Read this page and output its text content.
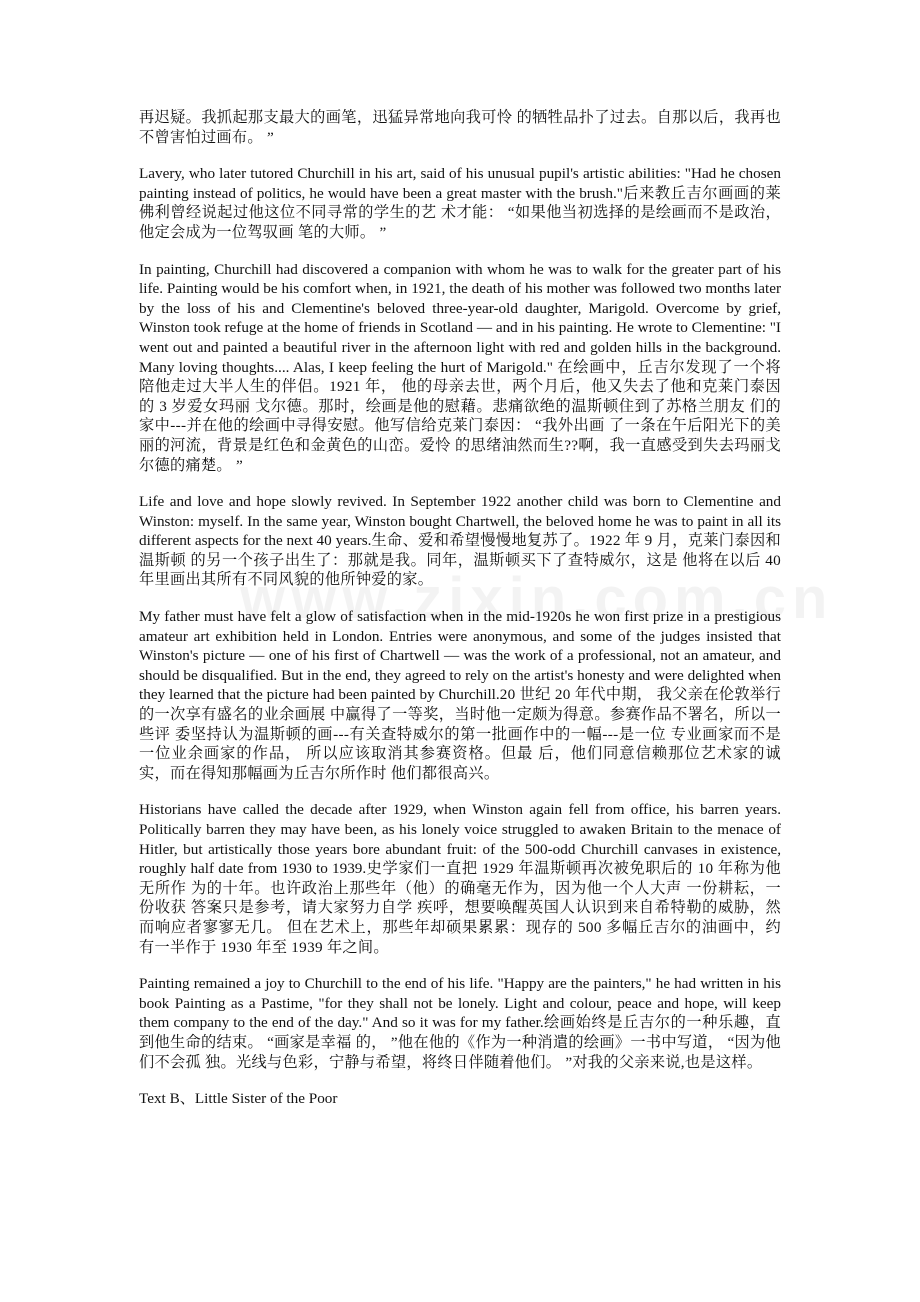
再迟疑。我抓起那支最大的画笔，迅猛异常地向我可怜 的牺牲品扑了过去。自那以后，我再也不曾害怕过画布。 ”

Lavery, who later tutored Churchill in his art, said of his unusual pupil's artistic abilities: "Had he chosen painting instead of politics, he would have been a great master with the brush."后来教丘吉尔画画的莱佛利曾经说起过他这位不同寻常的学生的艺 术才能： “如果他当初选择的是绘画而不是政治，他定会成为一位驾驭画 笔的大师。 ”

In painting, Churchill had discovered a companion with whom he was to walk for the greater part of his life. Painting would be his comfort when, in 1921, the death of his mother was followed two months later by the loss of his and Clementine's beloved three-year-old daughter, Marigold. Overcome by grief, Winston took refuge at the home of friends in Scotland — and in his painting. He wrote to Clementine: "I went out and painted a beautiful river in the afternoon light with red and golden hills in the background. Many loving thoughts.... Alas, I keep feeling the hurt of Marigold." 在绘画中，丘吉尔发现了一个将陪他走过大半人生的伴侣。1921 年， 他的母亲去世，两个月后，他又失去了他和克莱门泰因的 3 岁爱女玛丽 戈尔德。那时，绘画是他的慰藉。悲痛欲绝的温斯顿住到了苏格兰朋友 们的家中---并在他的绘画中寻得安慰。他写信给克莱门泰因： “我外出画 了一条在午后阳光下的美丽的河流，背景是红色和金黄色的山峦。爱怜 的思绪油然而生??啊，我一直感受到失去玛丽戈尔德的痛楚。 ”

Life and love and hope slowly revived. In September 1922 another child was born to Clementine and Winston: myself. In the same year, Winston bought Chartwell, the beloved home he was to paint in all its different aspects for the next 40 years.生命、爱和希望慢慢地复苏了。1922 年 9 月，克莱门泰因和温斯顿 的另一个孩子出生了：那就是我。同年，温斯顿买下了查特威尔，这是 他将在以后 40 年里画出其所有不同风貌的他所钟爱的家。

My father must have felt a glow of satisfaction when in the mid-1920s he won first prize in a prestigious amateur art exhibition held in London. Entries were anonymous, and some of the judges insisted that Winston's picture — one of his first of Chartwell — was the work of a professional, not an amateur, and should be disqualified. But in the end, they agreed to rely on the artist's honesty and were delighted when they learned that the picture had been painted by Churchill.20 世纪 20 年代中期， 我父亲在伦敦举行的一次享有盛名的业余画展 中赢得了一等奖，当时他一定颇为得意。参赛作品不署名，所以一些评 委坚持认为温斯顿的画---有关查特威尔的第一批画作中的一幅---是一位 专业画家而不是一位业余画家的作品， 所以应该取消其参赛资格。但最 后，他们同意信赖那位艺术家的诚实，而在得知那幅画为丘吉尔所作时 他们都很高兴。

Historians have called the decade after 1929, when Winston again fell from office, his barren years. Politically barren they may have been, as his lonely voice struggled to awaken Britain to the menace of Hitler, but artistically those years bore abundant fruit: of the 500-odd Churchill canvases in existence, roughly half date from 1930 to 1939.史学家们一直把 1929 年温斯顿再次被免职后的 10 年称为他无所作 为的十年。也许政治上那些年（他）的确毫无作为，因为他一个人大声 一份耕耘，一份收获 答案只是参考，请大家努力自学 疾呼，想要唤醒英国人认识到来自希特勒的威胁，然而响应者寥寥无几。 但在艺术上，那些年却硕果累累：现存的 500 多幅丘吉尔的油画中，约 有一半作于 1930 年至 1939 年之间。

Painting remained a joy to Churchill to the end of his life. "Happy are the painters," he had written in his book Painting as a Pastime, "for they shall not be lonely. Light and colour, peace and hope, will keep them company to the end of the day." And so it was for my father.绘画始终是丘吉尔的一种乐趣，直到他生命的结束。 “画家是幸福 的， ”他在他的《作为一种消遣的绘画》一书中写道， “因为他们不会孤 独。光线与色彩，宁静与希望，将终日伴随着他们。 ”对我的父亲来说,也是这样。

Text B、Little Sister of the Poor
